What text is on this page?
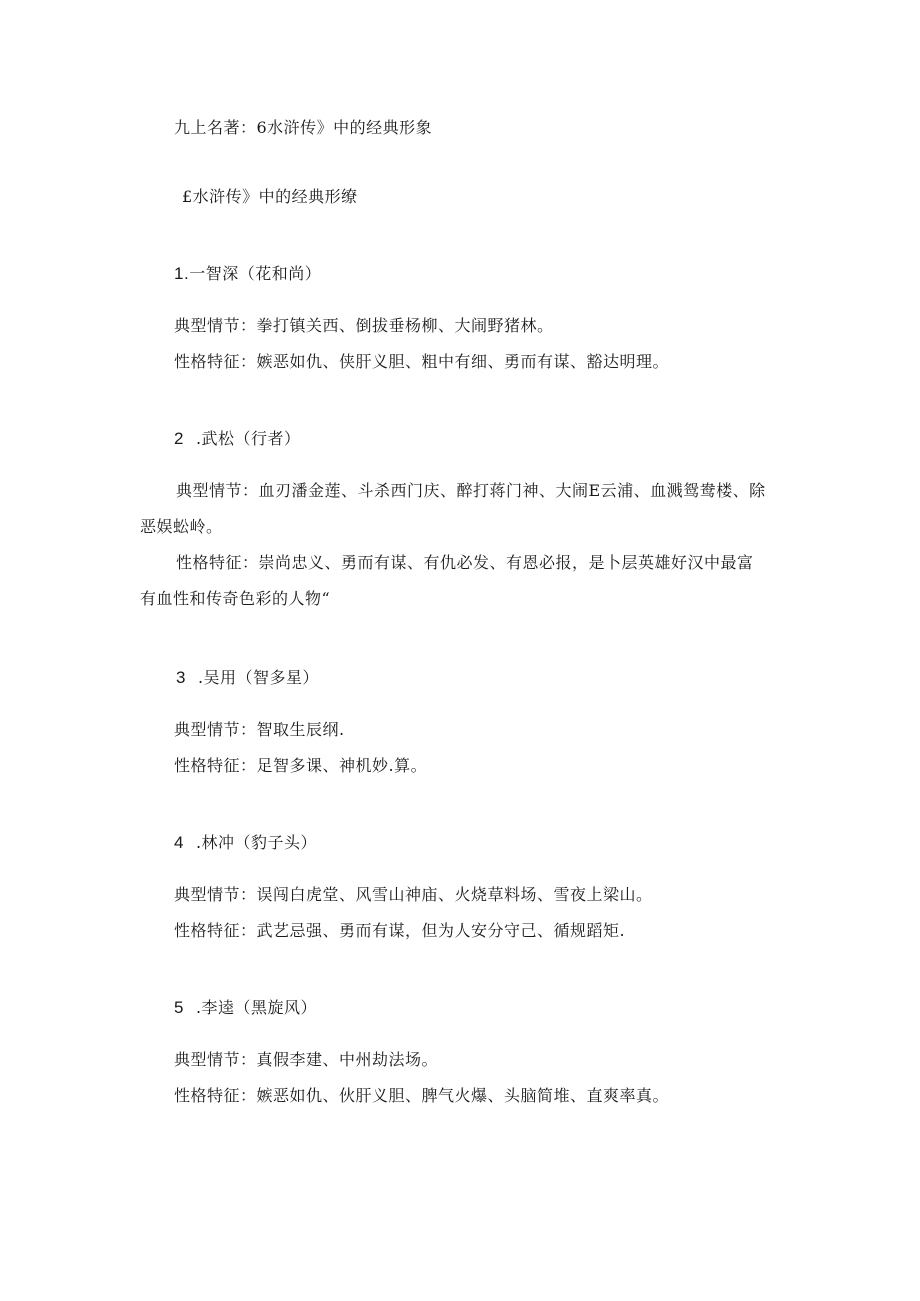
九上名著：6水浒传》中的经典形象
£水浒传》中的经典形缭
1.一智深（花和尚）
典型情节：拳打镇关西、倒拔垂杨柳、大闹野猪林。
性格特征：嫉恶如仇、侠肝义胆、粗中有细、勇而有谋、豁达明理。
2 .武松（行者）
典型情节：血刃潘金莲、斗杀西门庆、醉打蒋门神、大闹E云浦、血溅鸳鸯楼、除
恶娱蚣岭。
性格特征：崇尚忠义、勇而有谋、有仇必发、有恩必报，是卜层英雄好汉中最富
有血性和传奇色彩的人物“
3 .吴用（智多星）
典型情节：智取生辰纲.
性格特征：足智多课、神机妙.算。
4 .林冲（豹子头）
典型情节：误闯白虎堂、风雪山神庙、火烧草料场、雪夜上梁山。
性格特征：武艺忌强、勇而有谋，但为人安分守己、循规蹈矩.
5 .李逵（黑旋风）
典型情节：真假李建、中州劫法场。
性格特征：嫉恶如仇、伙肝义胆、脾气火爆、头脑简堆、直爽率真。
